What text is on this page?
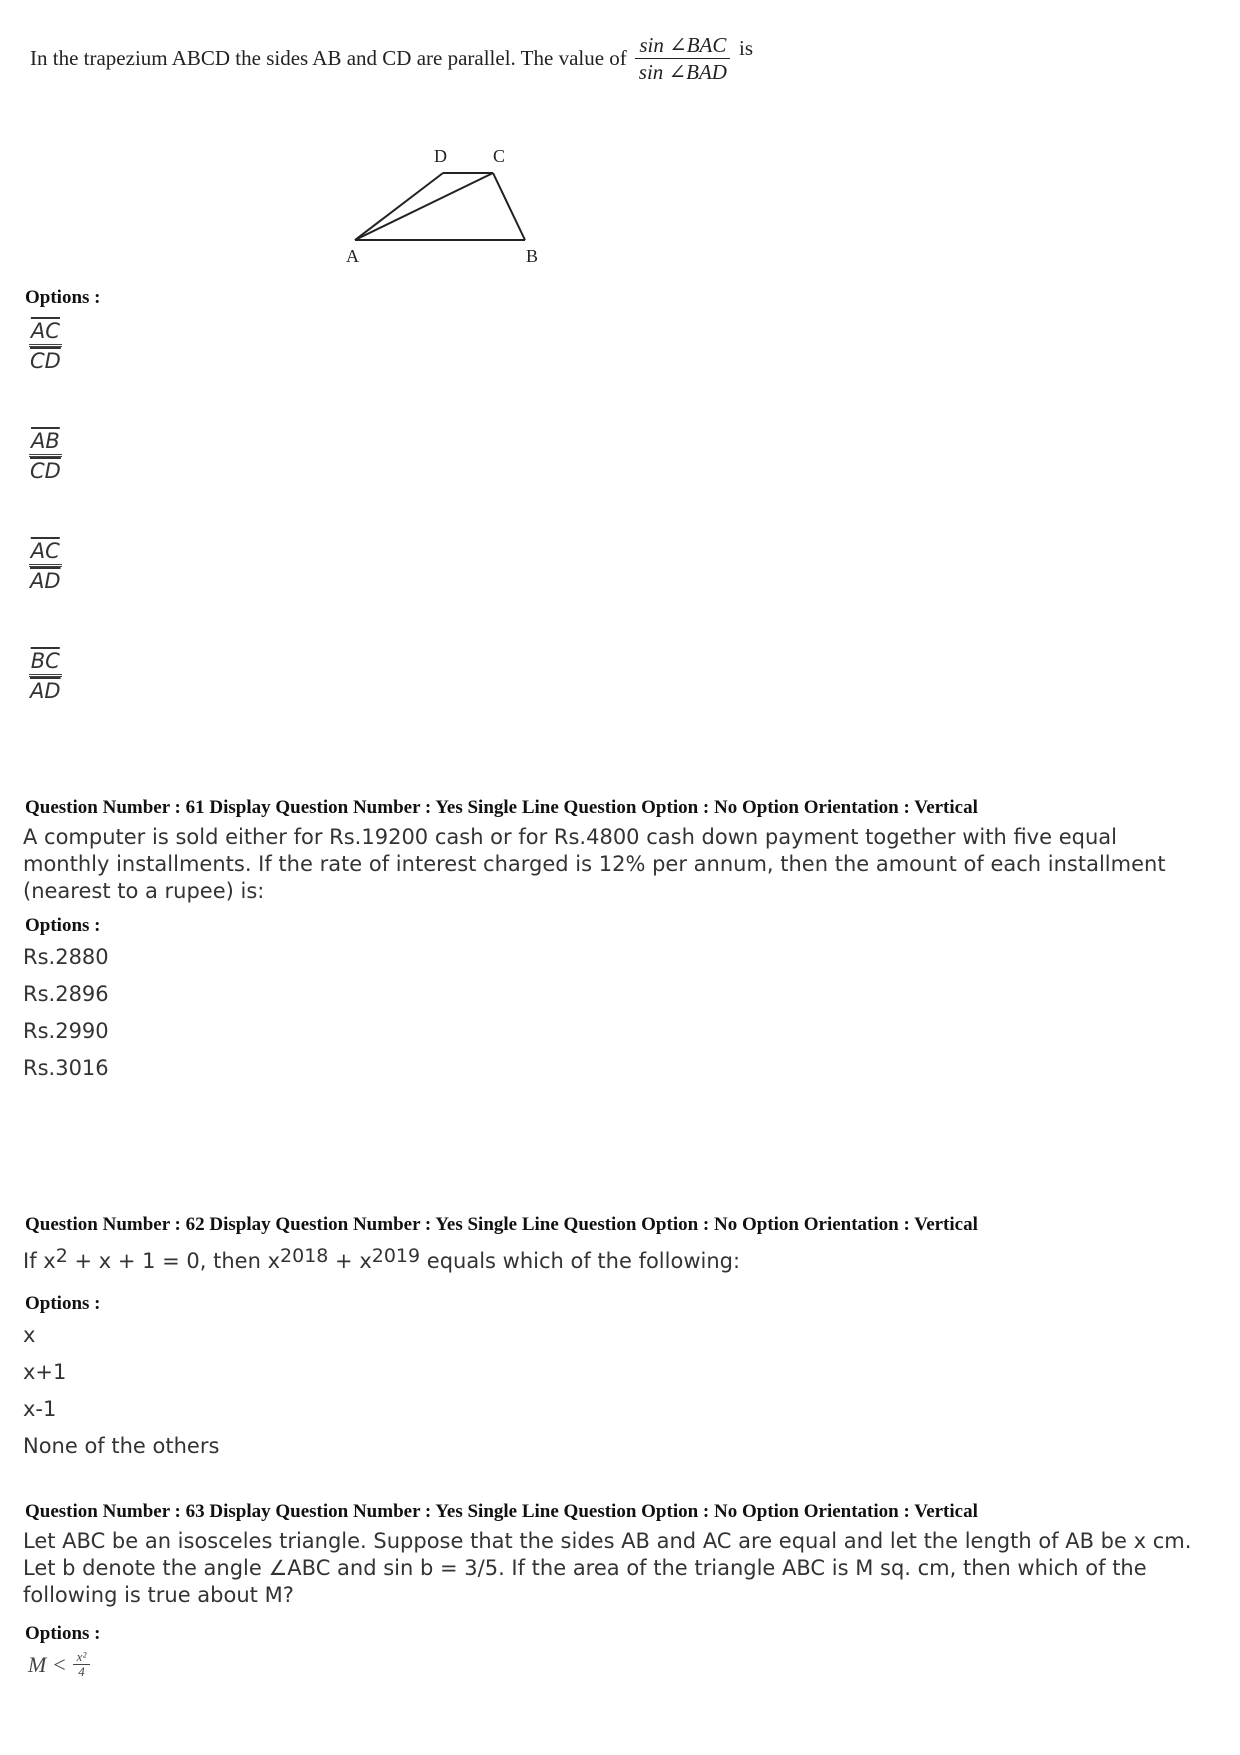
In the trapezium ABCD the sides AB and CD are parallel. The value of $\frac{\text{sin ∠BAC}}{\text{sin ∠BAD}}$ is
D	C
A	B
Options :
$\frac{\overline{AC}}{CD}$
$\frac{\overline{AB}}{CD}$
$\frac{\overline{AC}}{AD}$
$\frac{\overline{BC}}{AD}$
Question Number : 61 Display Question Number : Yes Single Line Question Option : No Option Orientation : Vertical
A computer is sold either for Rs.19200 cash or for Rs.4800 cash down payment together with five equal
monthly installments. If the rate of interest charged is 12% per annum, then the amount of each installment
(nearest to a rupee) is:
Options :
Rs.2880
Rs.2896
Rs.2990
Rs.3016
Question Number : 62 Display Question Number : Yes Single Line Question Option : No Option Orientation : Vertical
If $x^2 + x + 1 = 0$, then $x^{2018} + x^{2019}$ equals which of the following:
Options :
x
x+1
x-1
None of the others
Question Number : 63 Display Question Number : Yes Single Line Question Option : No Option Orientation : Vertical
Let ABC be an isosceles triangle. Suppose that the sides AB and AC are equal and let the length of AB be x cm.
Let b denote the angle ∠ABC and sin b = 3/5. If the area of the triangle ABC is M sq. cm, then which of the
following is true about M?
Options :
$M < \frac{\text{x²}}{4}$
